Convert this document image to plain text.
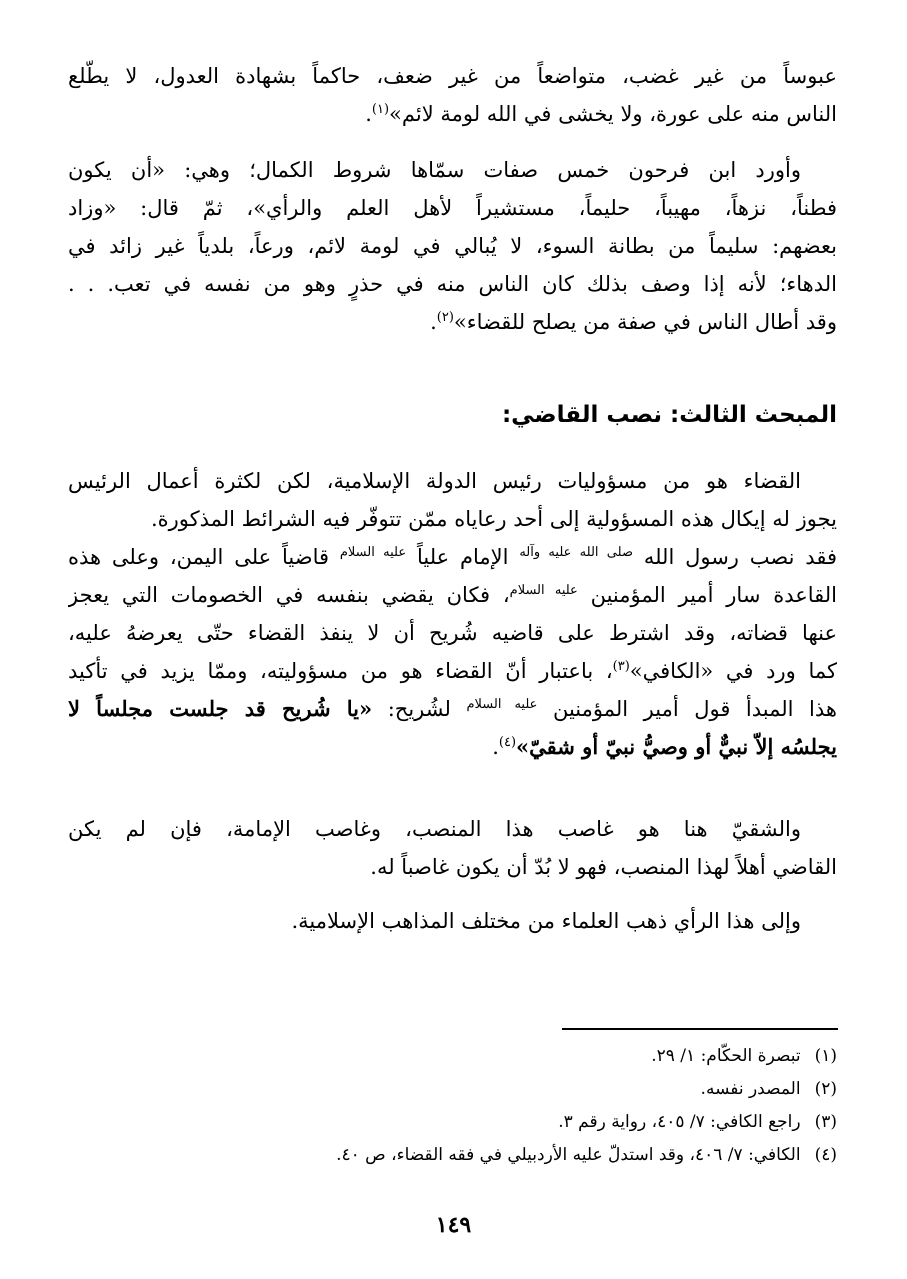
عبوساً من غير غضب، متواضعاً من غير ضعف، حاكماً بشهادة العدول، لا يطّلع
الناس منه على عورة، ولا يخشى في الله لومة لائم»$^{(١)}$.
وأورد ابن فرحون خمس صفات سمّاها شروط الكمال؛ وهي: «أن يكون
فطناً، نزهاً، مهيباً، حليماً، مستشيراً لأهل العلم والرأي»، ثمّ قال: «وزاد
بعضهم: سليماً من بطانة السوء، لا يُبالي في لومة لائم، ورعاً، بلدياً غير زائد في
الدهاء؛ لأنه إذا وصف بذلك كان الناس منه في حذرٍ وهو من نفسه في تعب. . .
وقد أطال الناس في صفة من يصلح للقضاء»$^{(٢)}$.
المبحث الثالث: نصب القاضي:
القضاء هو من مسؤوليات رئيس الدولة الإسلامية، لكن لكثرة أعمال الرئيس
يجوز له إيكال هذه المسؤولية إلى أحد رعاياه ممّن تتوفّر فيه الشرائط المذكورة.
فقد نصب رسول الله $^{صلى الله عليه وآله}$ الإمام علياً $^{عليه السلام}$ قاضياً على اليمن، وعلى هذه
القاعدة سار أمير المؤمنين $^{عليه السلام}$، فكان يقضي بنفسه في الخصومات التي يعجز
عنها قضاته، وقد اشترط على قاضيه شُريح أن لا ينفذ القضاء حتّى يعرضهُ عليه،
كما ورد في «الكافي»$^{(٣)}$، باعتبار أنّ القضاء هو من مسؤوليته، وممّا يزيد في تأكيد
هذا المبدأ قول أمير المؤمنين $^{عليه السلام}$ لشُريح: «يا شُريح قد جلست مجلساً لا
يجلسُه إلاّ نبيٌّ أو وصيُّ نبيّ أو شقيّ»$^{(٤)}$.
والشقيّ هنا هو غاصب هذا المنصب، وغاصب الإمامة، فإن لم يكن
القاضي أهلاً لهذا المنصب، فهو لا بُدّ أن يكون غاصباً له.
وإلى هذا الرأي ذهب العلماء من مختلف المذاهب الإسلامية.
(١)تبصرة الحكّام: ١/ ٢٩.
(٢)المصدر نفسه.
(٣)راجع الكافي: ٧/ ٤٠٥، رواية رقم ٣.
(٤)الكافي: ٧/ ٤٠٦، وقد استدلّ عليه الأردبيلي في فقه القضاء، ص ٤٠.
١٤٩
